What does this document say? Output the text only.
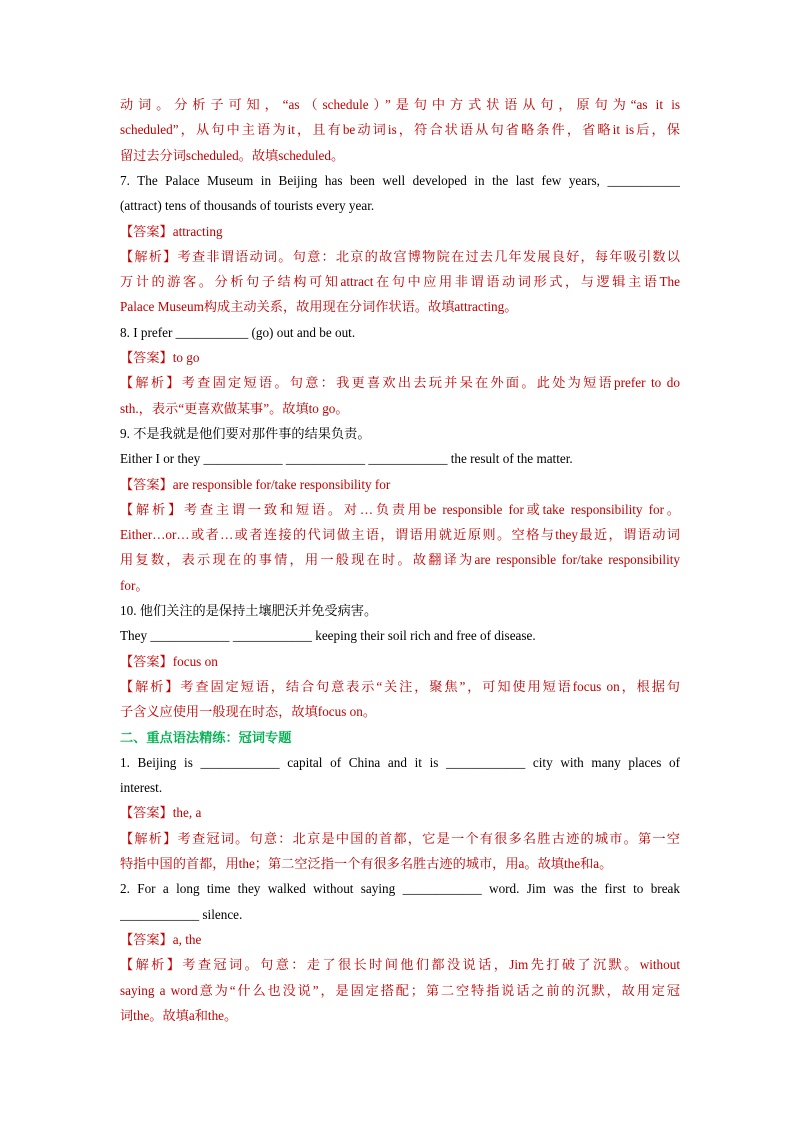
动词。分析子可知，“as（schedule）”是句中方式状语从句，原句为“as it is
scheduled”，从句中主语为it，且有be动词is，符合状语从句省略条件，省略it is后，保
留过去分词scheduled。故填scheduled。
7. The Palace Museum in Beijing has been well developed in the last few years, ___________
(attract) tens of thousands of tourists every year.
【答案】attracting
【解析】考查非谓语动词。句意：北京的故宫博物院在过去几年发展良好，每年吸引数以
万计的游客。分析句子结构可知attract在句中应用非谓语动词形式，与逻辑主语The
Palace Museum构成主动关系，故用现在分词作状语。故填attracting。
8. I prefer ___________ (go) out and be out.
【答案】to go
【解析】考查固定短语。句意：我更喜欢出去玩并呆在外面。此处为短语prefer to do
sth.，表示“更喜欢做某事”。故填to go。
9. 不是我就是他们要对那件事的结果负责。
Either I or they ____________ ____________ ____________ the result of the matter.
【答案】are responsible for/take responsibility for
【解析】考查主谓一致和短语。对…负责用be responsible for或take responsibility for。
Either…or…或者…或者连接的代词做主语，谓语用就近原则。空格与they最近，谓语动词
用复数，表示现在的事情，用一般现在时。故翻译为are responsible for/take responsibility
for。
10. 他们关注的是保持土壤肥沃并免受病害。
They ____________ ____________ keeping their soil rich and free of disease.
【答案】focus on
【解析】考查固定短语，结合句意表示“关注，聚焦”，可知使用短语focus on，根据句
子含义应使用一般现在时态，故填focus on。
二、重点语法精练：冠词专题
1. Beijing is ____________ capital of China and it is ____________ city with many places of
interest.
【答案】the, a
【解析】考查冠词。句意：北京是中国的首都，它是一个有很多名胜古迹的城市。第一空
特指中国的首都，用the；第二空泛指一个有很多名胜古迹的城市，用a。故填the和a。
2. For a long time they walked without saying ____________ word. Jim was the first to break
____________ silence.
【答案】a, the
【解析】考查冠词。句意：走了很长时间他们都没说话，Jim先打破了沉默。without
saying a word意为“什么也没说”，是固定搭配；第二空特指说话之前的沉默，故用定冠
词the。故填a和the。
